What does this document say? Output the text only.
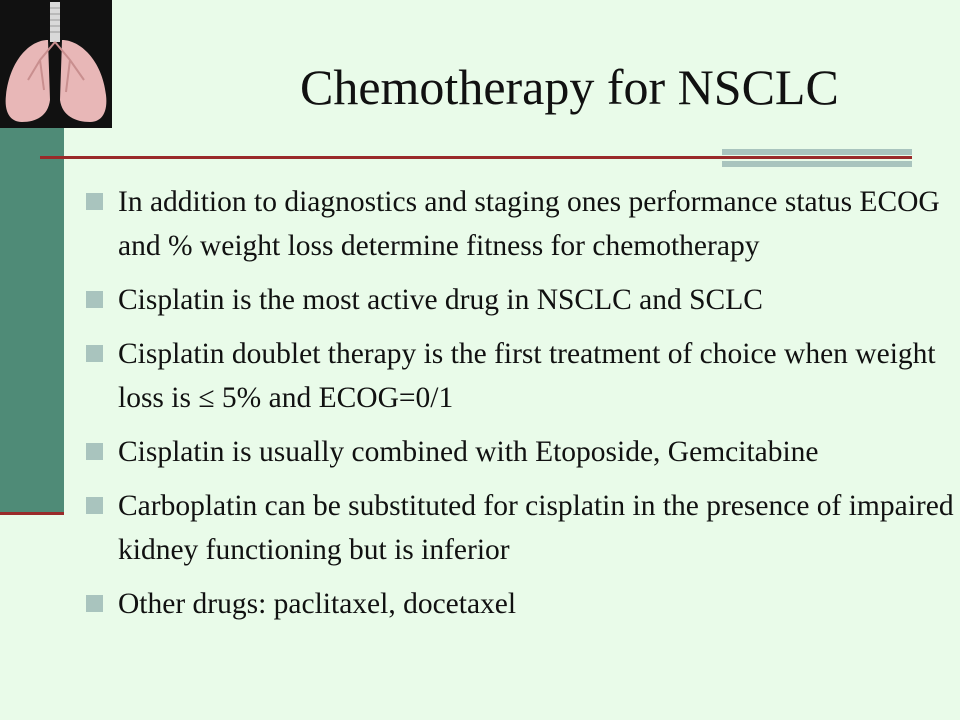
Chemotherapy for NSCLC
In addition to diagnostics and staging ones performance status ECOG and % weight loss determine fitness for chemotherapy
Cisplatin is the most active drug in NSCLC and SCLC
Cisplatin doublet therapy is the first treatment of choice when weight loss is ≤ 5% and ECOG=0/1
Cisplatin is usually combined with Etoposide, Gemcitabine
Carboplatin can be substituted for cisplatin in the presence of impaired kidney functioning but is inferior
Other drugs: paclitaxel, docetaxel
